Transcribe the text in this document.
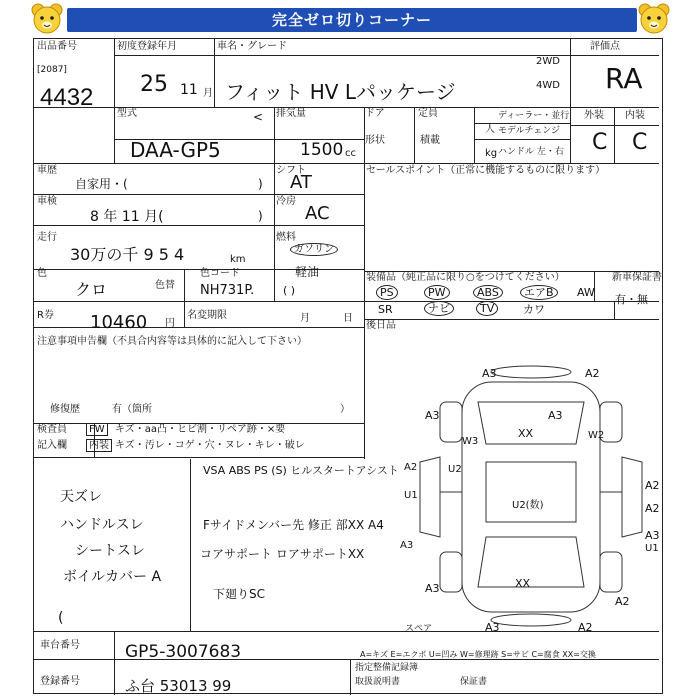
完全ゼロ切りコーナー
出品番号
[2087]
4432
初度登録年月
25 11 月
車名・グレード
フィット HV Lパッケージ
2WD
4WD
評価点
RA
型式
DAA-GP5
< 排気量
1500 cc
ドア	定員
人
形状	積載
kg
ディーラー・並行
モデルチェンジ
ハンドル 左・右
外装 内装
C C
車歴
自家用・(	)
シフト
AT
セールスポイント（正常に機能するものに限ります）
車検
8 年 11 月(	)
冷房
AC
走行
30万の千 9 5 4	km
燃料
ガソリン
軽油
( )
色
クロ	色替
色コード
NH731P.
装備品（純正品に限り○をつけてください）	新車保証書
PS	PW	ABS	エアB	AW
SR	ナビ	TV	カワ
有・無
後日品
R券 10460 円
名変期限	月	日
注意事項申告欄（不具合内容等は具体的に記入して下さい）
修復歴	有（箇所	）
検査員
記入欄
FW	キズ・aa凸・ヒビ割・リペア跡・×要
内装 キズ・汚レ・コゲ・穴・ヌレ・キレ・破レ
天ズレ
ハンドルスレ
シートスレ
ボイルカバー A
(
VSA ABS PS (S) ヒルスタートアシスト
Fサイドメンバー先 修正 部XX A4
コアサポート ロアサポートXX
下廻りSC
A3	A2
A3	A3
W3
W2
XX
U2
U1
A2
U2(数)
A3
U1
A2
A3	XX
A3	A2
A2
A2
A3
スペア
A=キズ E=エクボ U=凹み W=修理跡 S=サビ C=腐食 XX=交換
車台番号	GP5-3007683
登録番号	ふ台 53013 99
指定整備記録簿
取扱説明書	保証書
